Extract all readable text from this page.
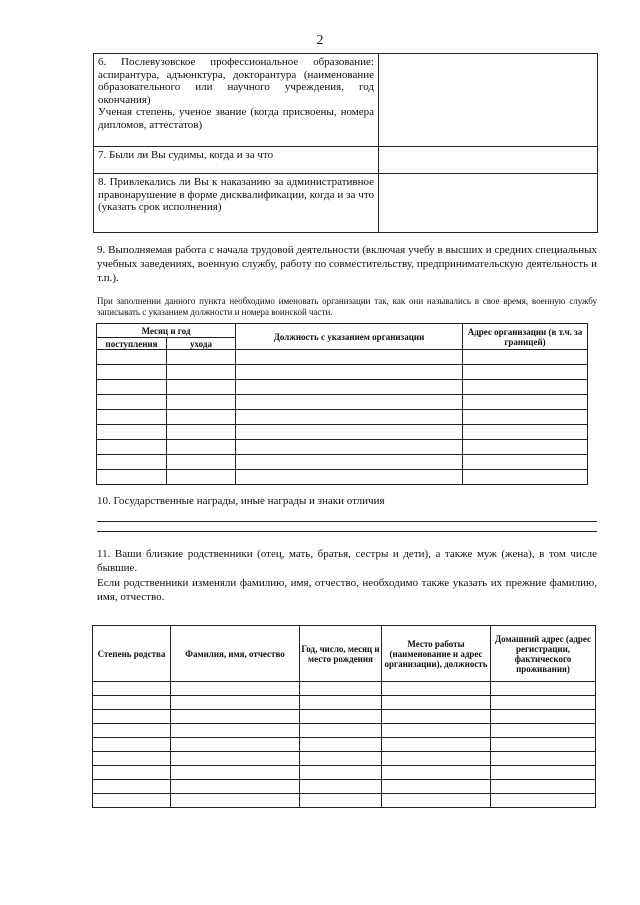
2
6. Послевузовское профессиональное образование: аспирантура, адъюнктура, докторантура (наименование образовательного или научного учреждения, год окончания)
Ученая степень, ученое звание (когда присвоены, номера дипломов, аттестатов)	
7. Были ли Вы судимы, когда и за что	
8. Привлекались ли Вы к наказанию за административное правонарушение в форме дисквалификации, когда и за что (указать срок исполнения)	
9. Выполняемая работа с начала трудовой деятельности (включая учебу в высших и средних специальных учебных заведениях, военную службу, работу по совместительству, предпринимательскую деятельность и т.п.).
При заполнении данного пункта необходимо именовать организации так, как они назывались в свое время, военную службу записывать с указанием должности и номера воинской части.
Месяц и год		Должность с указанием организации	Адрес организации (в т.ч. за границей)
поступления	ухода		

10. Государственные награды, иные награды и знаки отличия
11. Ваши близкие родственники (отец, мать, братья, сестры и дети), а также муж (жена), в том числе бывшие.
Если родственники изменяли фамилию, имя, отчество, необходимо также указать их прежние фамилию, имя, отчество.
Степень родства	Фамилия, имя, отчество	Год, число, месяц и место рождения	Место работы (наименование и адрес организации), должность	Домашний адрес (адрес регистрации, фактического проживания)
